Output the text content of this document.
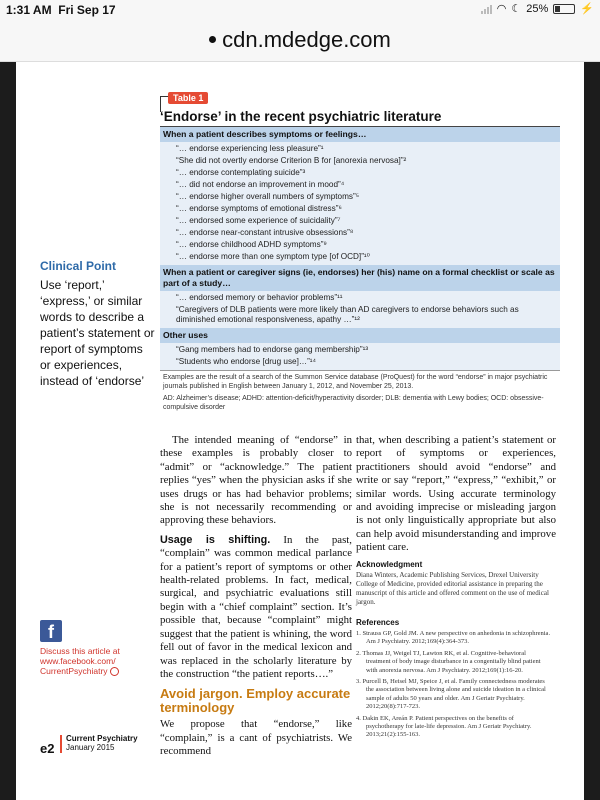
1:31 AM Fri Sep 17	◠ ☾ 25%	⚡
cdn.mdedge.com
Table 1
‘Endorse’ in the recent psychiatric literature
When a patient describes symptoms or feelings…
“… endorse experiencing less pleasure”¹
“She did not overtly endorse Criterion B for [anorexia nervosa]”²
“… endorse contemplating suicide”³
“… did not endorse an improvement in mood”⁴
“… endorse higher overall numbers of symptoms”⁵
“… endorse symptoms of emotional distress”⁶
“… endorsed some experience of suicidality”⁷
“… endorse near-constant intrusive obsessions”⁸
“… endorse childhood ADHD symptoms”⁹
“… endorse more than one symptom type [of OCD]”¹⁰
When a patient or caregiver signs (ie, endorses) her (his) name on a formal checklist or scale as part of a study…
“… endorsed memory or behavior problems”¹¹
“Caregivers of DLB patients were more likely than AD caregivers to endorse behaviors such as diminished emotional responsiveness, apathy …”¹²
Other uses
“Gang members had to endorse gang membership”¹³
“Students who endorse [drug use]…”¹⁴
Examples are the result of a search of the Summon Service database (ProQuest) for the word “endorse” in major psychiatric journals published in English between January 1, 2012, and November 25, 2013.
AD: Alzheimer’s disease; ADHD: attention-deficit/hyperactivity disorder; DLB: dementia with Lewy bodies; OCD: obsessive-compulsive disorder
Clinical Point
Use ‘report,’ ‘express,’ or similar words to describe a patient’s statement or report of symptoms or experiences, instead of ‘endorse’

The intended meaning of “endorse” in these examples is probably closer to “admit” or “acknowledge.” The patient replies “yes” when the physician asks if she uses drugs or has had behavior problems; she is not necessarily recommending or approving these behaviors.

Usage is shifting. In the past, “complain” was common medical parlance for a patient’s report of symptoms or other health-related problems. In fact, medical, surgical, and psychiatric evaluations still begin with a “chief complaint” section. It’s possible that, because “complaint” might suggest that the patient is whining, the word fell out of favor in the medical lexicon and was replaced in the scholarly literature by the construction “the patient reports….”

Avoid jargon. Employ accurate terminology

We propose that “endorse,” like “complain,” is a cant of psychiatrists. We recommend

that, when describing a patient’s statement or report of symptoms or experiences, practitioners should avoid “endorse” and write or say “report,” “express,” “exhibit,” or similar words. Using accurate terminology and avoiding imprecise or misleading jargon is not only linguistically appropriate but also can help avoid misunderstanding and improve patient care.

Acknowledgment
Diana Winters, Academic Publishing Services, Drexel University College of Medicine, provided editorial assistance in preparing the manuscript of this article and offered comment on the use of medical jargon.
References
1. Strauss GP, Gold JM. A new perspective on anhedonia in schizophrenia. Am J Psychiatry. 2012;169(4):364-373.
2. Thomas JJ, Weigel TJ, Lawton RK, et al. Cognitive-behavioral treatment of body image disturbance in a congenitally blind patient with anorexia nervosa. Am J Psychiatry. 2012;169(1):16-20.
3. Purcell B, Heisel MJ, Speice J, et al. Family connectedness moderates the association between living alone and suicide ideation in a clinical sample of adults 50 years and older. Am J Geriatr Psychiatry. 2012;20(8):717-723.
4. Dakin EK, Areán P. Patient perspectives on the benefits of psychotherapy for late-life depression. Am J Geriatr Psychiatry. 2013;21(2):155-163.
f
Discuss this article at
www.facebook.com/
CurrentPsychiatry
e2
Current Psychiatry
January 2015
